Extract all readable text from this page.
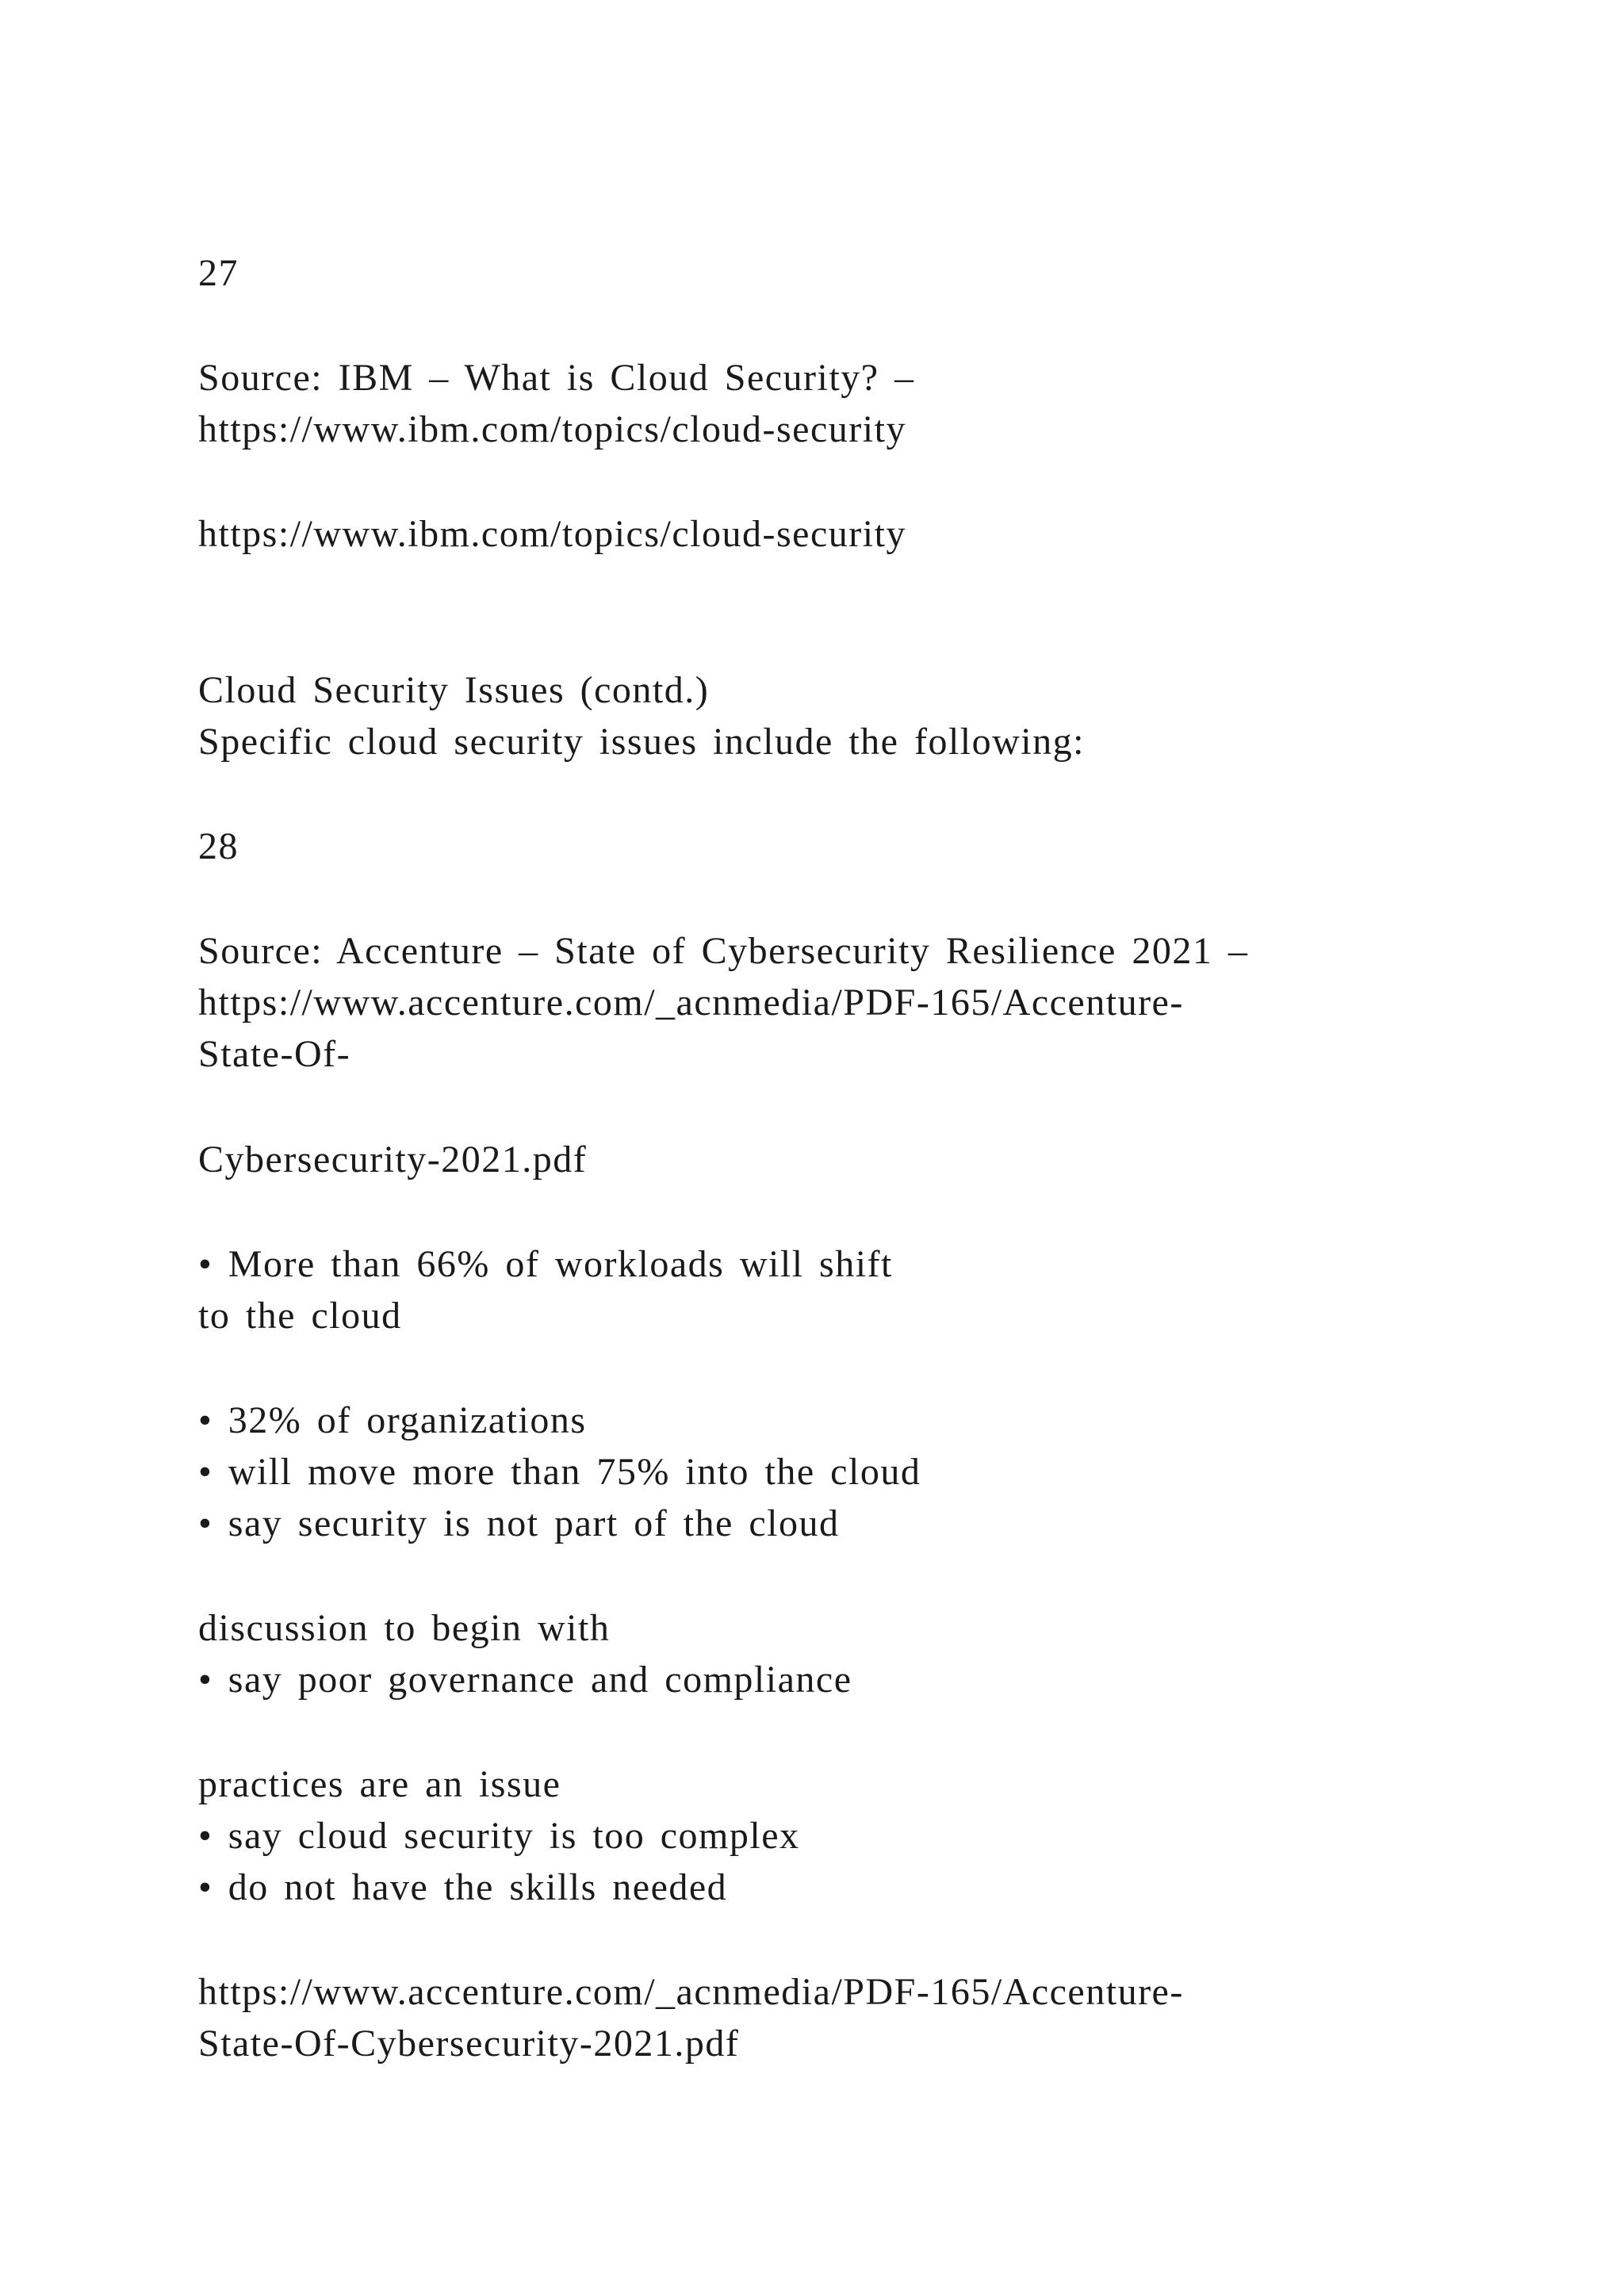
27
Source: IBM – What is Cloud Security? –
https://www.ibm.com/topics/cloud-security
https://www.ibm.com/topics/cloud-security
Cloud Security Issues (contd.)
Specific cloud security issues include the following:
28
Source: Accenture – State of Cybersecurity Resilience 2021 –
https://www.accenture.com/_acnmedia/PDF-165/Accenture-
State-Of-
Cybersecurity-2021.pdf
• More than 66% of workloads will shift
to the cloud
• 32% of organizations
• will move more than 75% into the cloud
• say security is not part of the cloud
discussion to begin with
• say poor governance and compliance
practices are an issue
• say cloud security is too complex
• do not have the skills needed
https://www.accenture.com/_acnmedia/PDF-165/Accenture-
State-Of-Cybersecurity-2021.pdf
